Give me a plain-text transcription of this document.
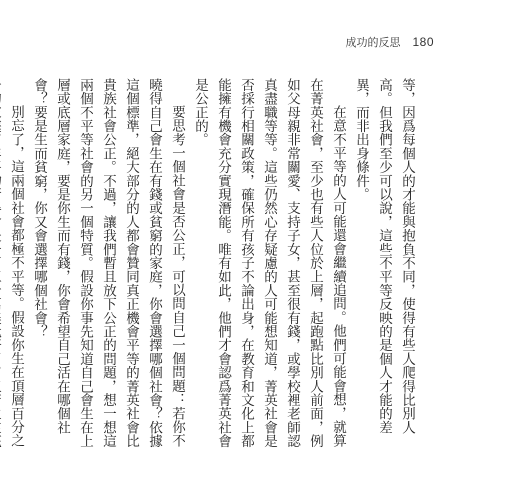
成功的反思 180

等，因爲每個人的才能與抱負不同，使得有些人爬得比別人高。但我們至少可以說，這些不平等反映的是個人才能的差異，而非出身條件。

在意不平等的人可能還會繼續追問。他們可能會想，就算在菁英社會，至少也有些人位於上層，起跑點比別人前面，例如父母親非常關愛、支持子女，甚至很有錢，或學校裡老師認真盡職等等。這些仍然心存疑慮的人可能想知道，菁英社會是否採行相關政策，確保所有孩子不論出身，在教育和文化上都能擁有機會充分實現潛能。唯有如此，他們才會認爲菁英社會是公正的。

要思考一個社會是否公正，可以問自己一個問題：若你不曉得自己會生在有錢或貧窮的家庭，你會選擇哪個社會？依據這個標準，絕大部分的人都會贊同真正機會平等的菁英社會比貴族社會公正。不過，讓我們暫且放下公正的問題，想一想這兩個不平等社會的另一個特質。假設你事先知道自己會生在上層或底層家庭，要是你生而有錢，你會希望自己活在哪個社會？要是生而貧窮，你又會選擇哪個社會？

別忘了，這兩個社會都極不平等。假設你生在頂層百分之
